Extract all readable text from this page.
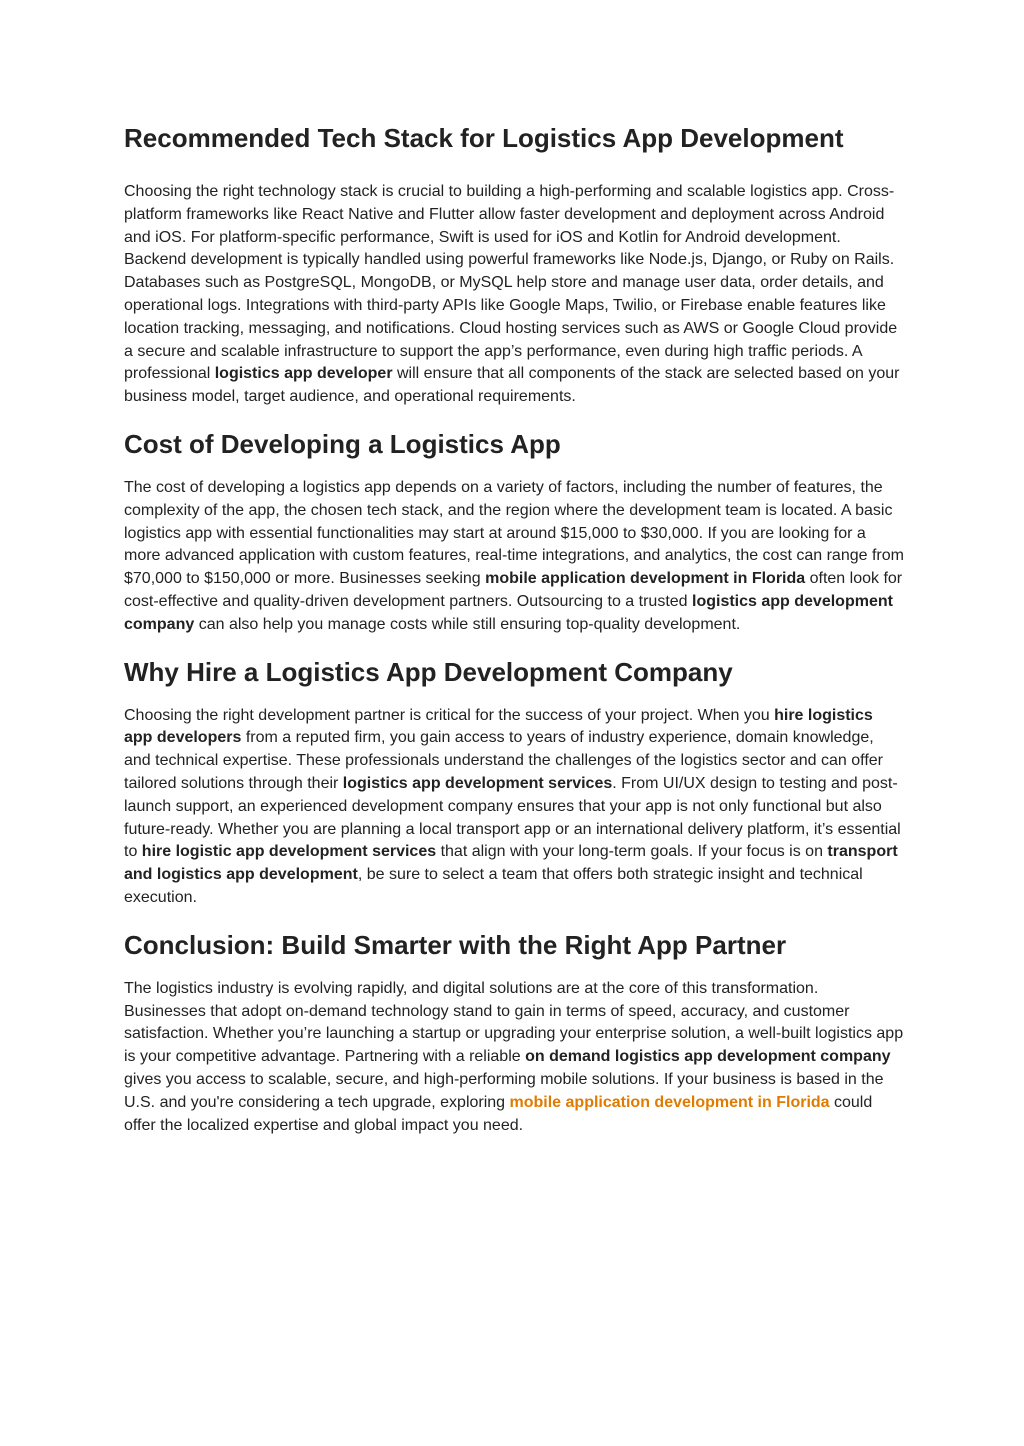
Recommended Tech Stack for Logistics App Development

Choosing the right technology stack is crucial to building a high-performing and scalable logistics app. Cross-platform frameworks like React Native and Flutter allow faster development and deployment across Android and iOS. For platform-specific performance, Swift is used for iOS and Kotlin for Android development. Backend development is typically handled using powerful frameworks like Node.js, Django, or Ruby on Rails. Databases such as PostgreSQL, MongoDB, or MySQL help store and manage user data, order details, and operational logs. Integrations with third-party APIs like Google Maps, Twilio, or Firebase enable features like location tracking, messaging, and notifications. Cloud hosting services such as AWS or Google Cloud provide a secure and scalable infrastructure to support the app’s performance, even during high traffic periods. A professional logistics app developer will ensure that all components of the stack are selected based on your business model, target audience, and operational requirements.

Cost of Developing a Logistics App

The cost of developing a logistics app depends on a variety of factors, including the number of features, the complexity of the app, the chosen tech stack, and the region where the development team is located. A basic logistics app with essential functionalities may start at around $15,000 to $30,000. If you are looking for a more advanced application with custom features, real-time integrations, and analytics, the cost can range from $70,000 to $150,000 or more. Businesses seeking mobile application development in Florida often look for cost-effective and quality-driven development partners. Outsourcing to a trusted logistics app development company can also help you manage costs while still ensuring top-quality development.

Why Hire a Logistics App Development Company

Choosing the right development partner is critical for the success of your project. When you hire logistics app developers from a reputed firm, you gain access to years of industry experience, domain knowledge, and technical expertise. These professionals understand the challenges of the logistics sector and can offer tailored solutions through their logistics app development services. From UI/UX design to testing and post-launch support, an experienced development company ensures that your app is not only functional but also future-ready. Whether you are planning a local transport app or an international delivery platform, it’s essential to hire logistic app development services that align with your long-term goals. If your focus is on transport and logistics app development, be sure to select a team that offers both strategic insight and technical execution.

Conclusion: Build Smarter with the Right App Partner

The logistics industry is evolving rapidly, and digital solutions are at the core of this transformation. Businesses that adopt on-demand technology stand to gain in terms of speed, accuracy, and customer satisfaction. Whether you’re launching a startup or upgrading your enterprise solution, a well-built logistics app is your competitive advantage. Partnering with a reliable on demand logistics app development company gives you access to scalable, secure, and high-performing mobile solutions. If your business is based in the U.S. and you're considering a tech upgrade, exploring mobile application development in Florida could offer the localized expertise and global impact you need.
